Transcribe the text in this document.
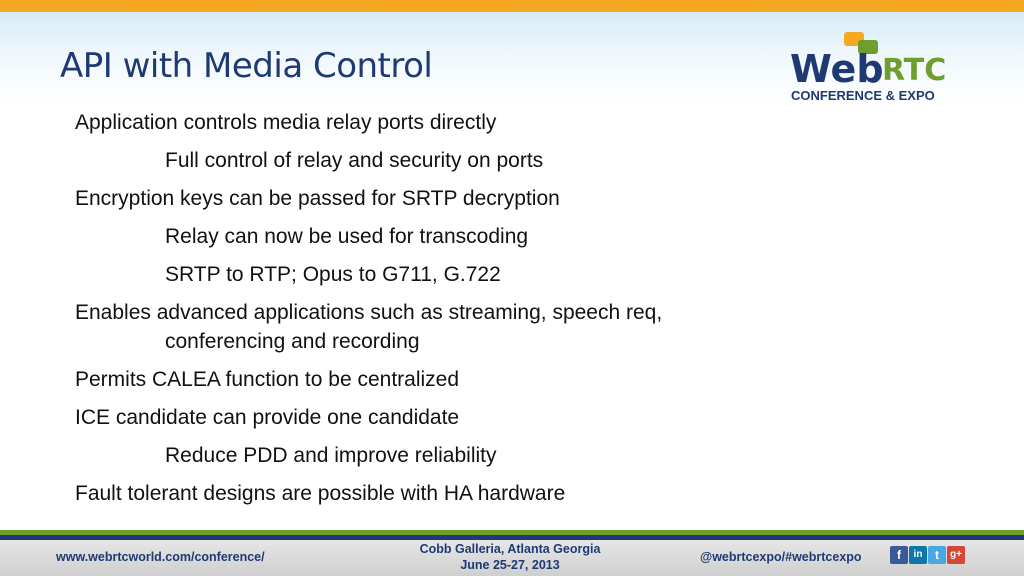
API with Media Control	Web
RTC
CONFERENCE & EXPO
Application controls media relay ports directly
Full control of relay and security on ports
Encryption keys can be passed for SRTP decryption
Relay can now be used for transcoding
SRTP to RTP; Opus to G711, G.722
Enables advanced applications such as streaming, speech req,
conferencing and recording
Permits CALEA function to be centralized
ICE candidate can provide one candidate
Reduce PDD and improve reliability
Fault tolerant designs are possible with HA hardware
www.webrtcworld.com/conference/
Cobb Galleria, Atlanta Georgia
June 25-27, 2013
@webrtcexpo/#webrtcexpo	f	in	t	g+
